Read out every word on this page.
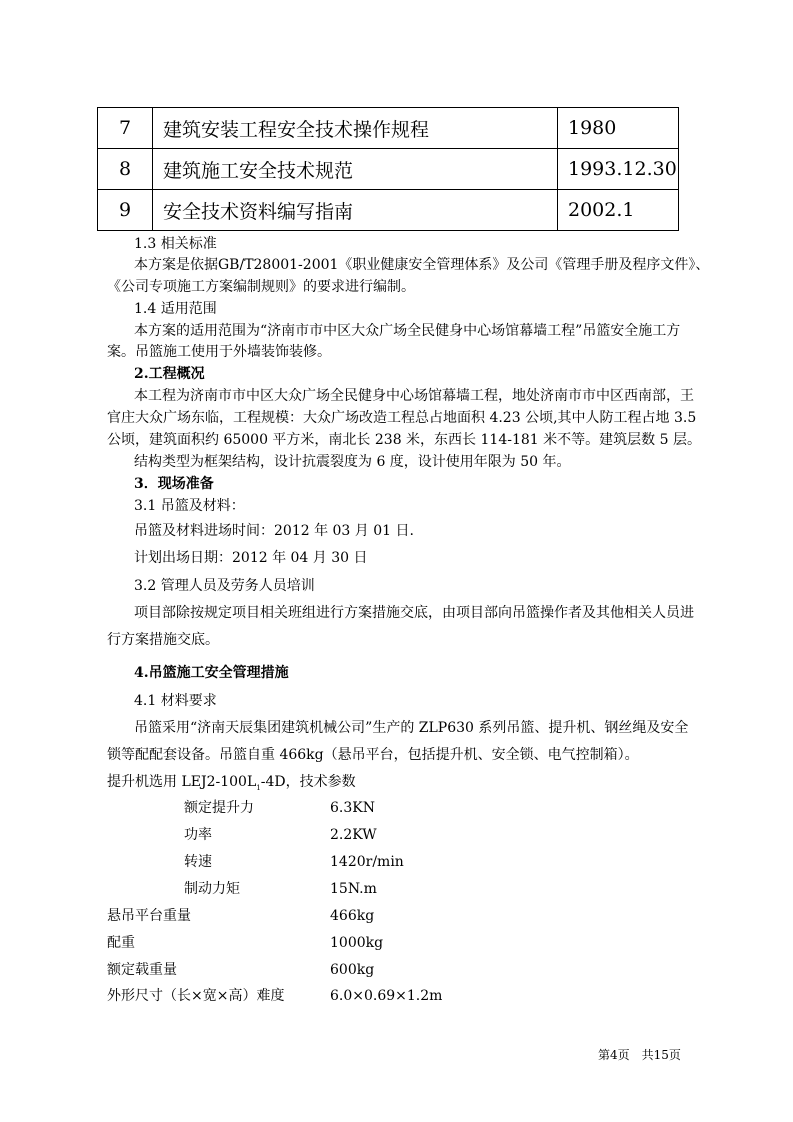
7	建筑安装工程安全技术操作规程	1980
8	建筑施工安全技术规范	1993.12.30
9	安全技术资料编写指南	2002.1
1.3 相关标准
本方案是依据GB/T28001-2001《职业健康安全管理体系》及公司《管理手册及程序文件》、
《公司专项施工方案编制规则》的要求进行编制。
1.4 适用范围
本方案的适用范围为“济南市市中区大众广场全民健身中心场馆幕墙工程”吊篮安全施工方
案。吊篮施工使用于外墙装饰装修。
2.工程概况
本工程为济南市市中区大众广场全民健身中心场馆幕墙工程，地处济南市市中区西南部，王
官庄大众广场东临，工程规模：大众广场改造工程总占地面积 4.23 公顷,其中人防工程占地 3.5
公顷，建筑面积约 65000 平方米，南北长 238 米，东西长 114-181 米不等。建筑层数 5 层。
结构类型为框架结构，设计抗震裂度为 6 度，设计使用年限为 50 年。
3．现场准备
3.1 吊篮及材料：
吊篮及材料进场时间：2012 年 03 月 01 日.
计划出场日期：2012 年 04 月 30 日
3.2 管理人员及劳务人员培训
项目部除按规定项目相关班组进行方案措施交底，由项目部向吊篮操作者及其他相关人员进
行方案措施交底。
4.吊篮施工安全管理措施
4.1 材料要求
吊篮采用“济南天辰集团建筑机械公司”生产的 ZLP630 系列吊篮、提升机、钢丝绳及安全
锁等配配套设备。吊篮自重 466kg（悬吊平台，包括提升机、安全锁、电气控制箱）。
提升机选用 $LEJ2-100L_1-4D$，技术参数
额定提升力	6.3KN
功率	2.2KW
转速	1420r/min
制动力矩	15N.m
悬吊平台重量	466kg
配重	1000kg
额定载重量	600kg
外形尺寸（长×宽×高）难度	6.0×0.69×1.2m
第4页　共15页
